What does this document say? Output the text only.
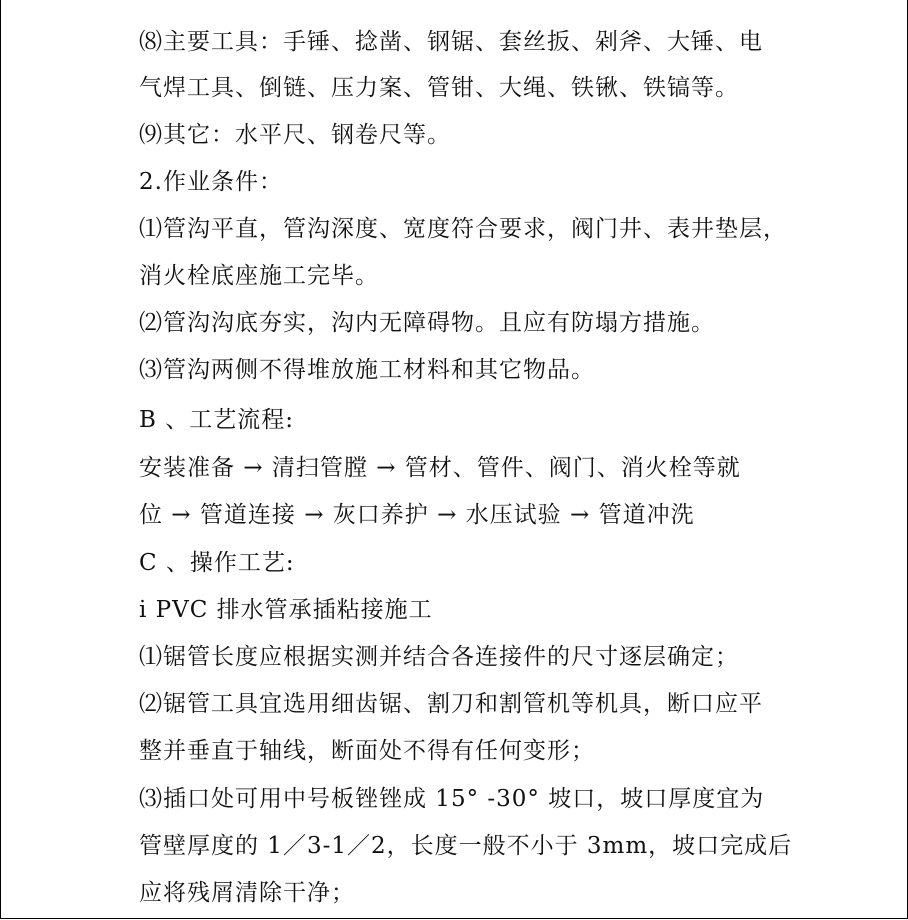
⑻主要工具：手锤、捻凿、钢锯、套丝扳、剁斧、大锤、电
气焊工具、倒链、压力案、管钳、大绳、铁锹、铁镐等。
⑼其它：水平尺、钢卷尺等。
2.作业条件：
⑴管沟平直，管沟深度、宽度符合要求，阀门井、表井垫层，
消火栓底座施工完毕。
⑵管沟沟底夯实，沟内无障碍物。且应有防塌方措施。
⑶管沟两侧不得堆放施工材料和其它物品。
B 、工艺流程:
安装准备 → 清扫管膛 → 管材、管件、阀门、消火栓等就
位 → 管道连接 → 灰口养护 → 水压试验 → 管道冲洗
C 、操作工艺:
i PVC 排水管承插粘接施工
⑴锯管长度应根据实测并结合各连接件的尺寸逐层确定；
⑵锯管工具宜选用细齿锯、割刀和割管机等机具，断口应平
整并垂直于轴线，断面处不得有任何变形；
⑶插口处可用中号板锉锉成 15° -30° 坡口，坡口厚度宜为
管壁厚度的 1／3-1／2，长度一般不小于 3mm，坡口完成后
应将残屑清除干净；
